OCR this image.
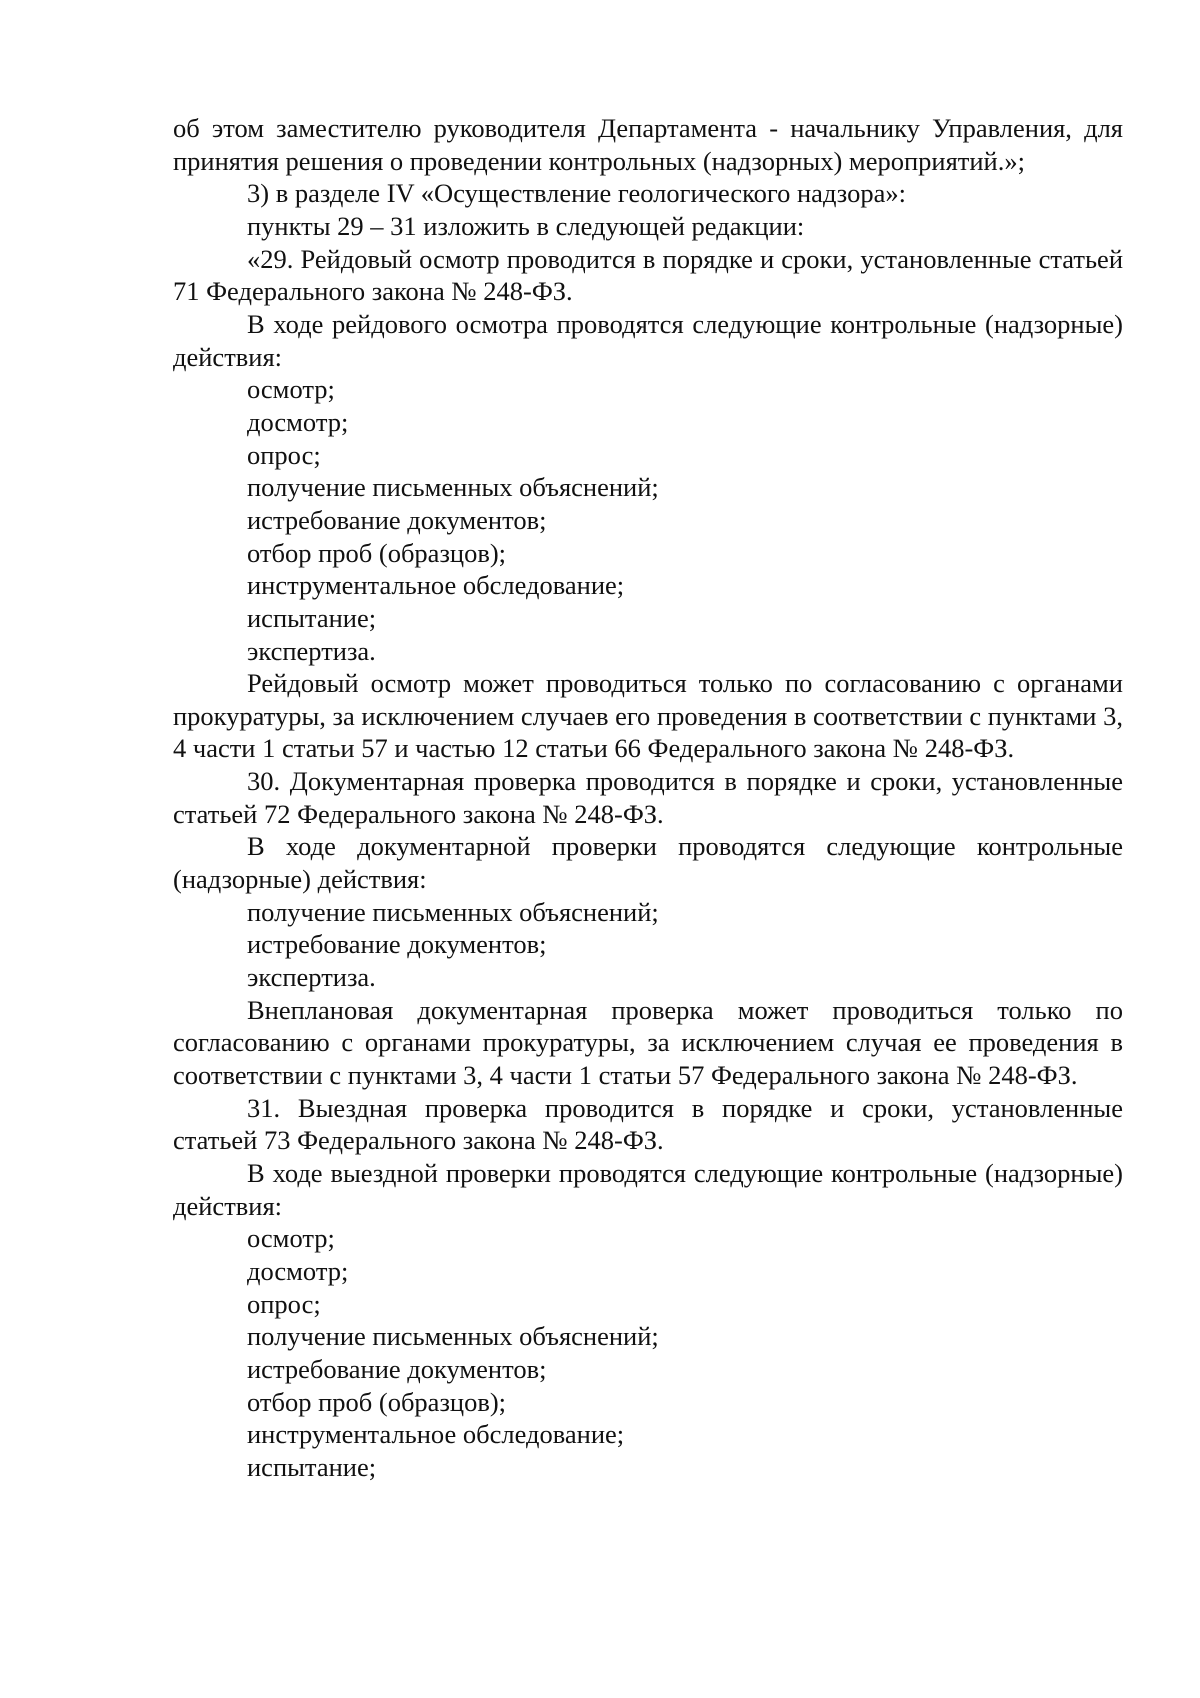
об этом заместителю руководителя Департамента - начальнику Управления, для принятия решения о проведении контрольных (надзорных) мероприятий.»;

3) в разделе IV «Осуществление геологического надзора»:

пункты 29 – 31 изложить в следующей редакции:

«29. Рейдовый осмотр проводится в порядке и сроки, установленные статьей 71 Федерального закона № 248-ФЗ.

В ходе рейдового осмотра проводятся следующие контрольные (надзорные) действия:

осмотр;

досмотр;

опрос;

получение письменных объяснений;

истребование документов;

отбор проб (образцов);

инструментальное обследование;

испытание;

экспертиза.

Рейдовый осмотр может проводиться только по согласованию с органами прокуратуры, за исключением случаев его проведения в соответствии с пунктами 3, 4 части 1 статьи 57 и частью 12 статьи 66 Федерального закона № 248-ФЗ.

30. Документарная проверка проводится в порядке и сроки, установленные статьей 72 Федерального закона № 248-ФЗ.

В ходе документарной проверки проводятся следующие контрольные (надзорные) действия:

получение письменных объяснений;

истребование документов;

экспертиза.

Внеплановая документарная проверка может проводиться только по согласованию с органами прокуратуры, за исключением случая ее проведения в соответствии с пунктами 3, 4 части 1 статьи 57 Федерального закона № 248-ФЗ.

31. Выездная проверка проводится в порядке и сроки, установленные статьей 73 Федерального закона № 248-ФЗ.

В ходе выездной проверки проводятся следующие контрольные (надзорные) действия:

осмотр;

досмотр;

опрос;

получение письменных объяснений;

истребование документов;

отбор проб (образцов);

инструментальное обследование;

испытание;
